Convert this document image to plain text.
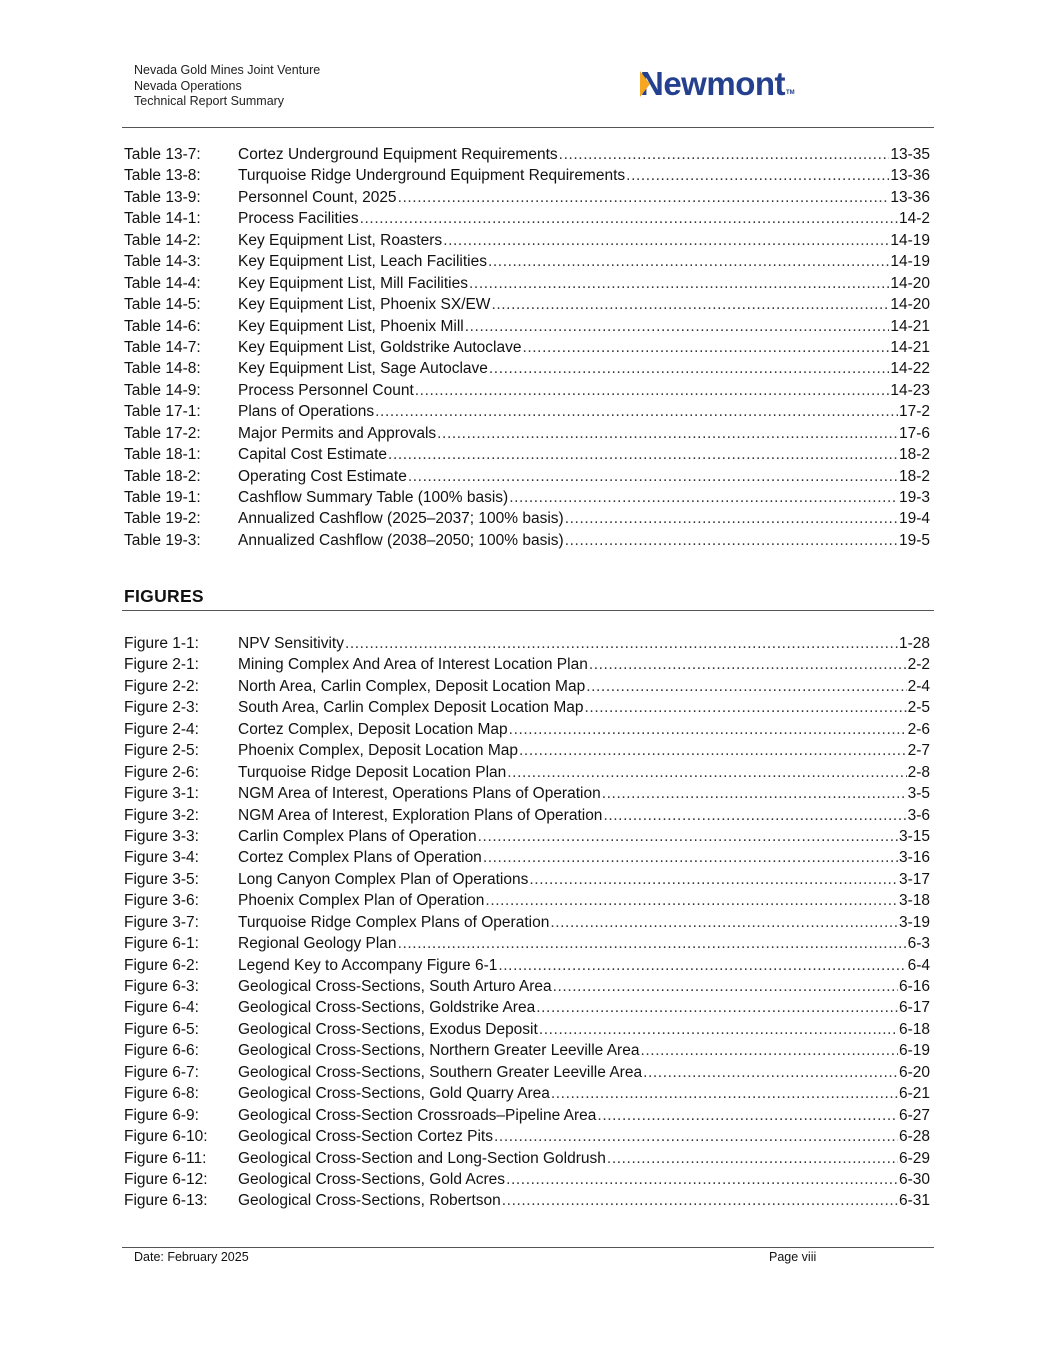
Nevada Gold Mines Joint Venture
Nevada Operations
Technical Report Summary	Newmont TM
Table 13-7:	Cortez Underground Equipment Requirements .....	13-35
Table 13-8:	Turquoise Ridge Underground Equipment Requirements .....	13-36
Table 13-9:	Personnel Count, 2025 .....	13-36
Table 14-1:	Process Facilities .....	14-2
Table 14-2:	Key Equipment List, Roasters .....	14-19
Table 14-3:	Key Equipment List, Leach Facilities .....	14-19
Table 14-4:	Key Equipment List, Mill Facilities .....	14-20
Table 14-5:	Key Equipment List, Phoenix SX/EW .....	14-20
Table 14-6:	Key Equipment List, Phoenix Mill .....	14-21
Table 14-7:	Key Equipment List, Goldstrike Autoclave .....	14-21
Table 14-8:	Key Equipment List, Sage Autoclave .....	14-22
Table 14-9:	Process Personnel Count .....	14-23
Table 17-1:	Plans of Operations .....	17-2
Table 17-2:	Major Permits and Approvals .....	17-6
Table 18-1:	Capital Cost Estimate .....	18-2
Table 18-2:	Operating Cost Estimate .....	18-2
Table 19-1:	Cashflow Summary Table (100% basis) .....	19-3
Table 19-2:	Annualized Cashflow (2025–2037; 100% basis) .....	19-4
Table 19-3:	Annualized Cashflow (2038–2050; 100% basis) .....	19-5
FIGURES
Figure 1-1:	NPV Sensitivity .....	1-28
Figure 2-1:	Mining Complex And Area of Interest Location Plan .....	2-2
Figure 2-2:	North Area, Carlin Complex, Deposit Location Map .....	2-4
Figure 2-3:	South Area, Carlin Complex Deposit Location Map .....	2-5
Figure 2-4:	Cortez Complex, Deposit Location Map .....	2-6
Figure 2-5:	Phoenix Complex, Deposit Location Map .....	2-7
Figure 2-6:	Turquoise Ridge Deposit Location Plan .....	2-8
Figure 3-1:	NGM Area of Interest, Operations Plans of Operation .....	3-5
Figure 3-2:	NGM Area of Interest, Exploration Plans of Operation .....	3-6
Figure 3-3:	Carlin Complex Plans of Operation .....	3-15
Figure 3-4:	Cortez Complex Plans of Operation .....	3-16
Figure 3-5:	Long Canyon Complex Plan of Operations .....	3-17
Figure 3-6:	Phoenix Complex Plan of Operation .....	3-18
Figure 3-7:	Turquoise Ridge Complex Plans of Operation .....	3-19
Figure 6-1:	Regional Geology Plan .....	6-3
Figure 6-2:	Legend Key to Accompany Figure 6-1 .....	6-4
Figure 6-3:	Geological Cross-Sections, South Arturo Area .....	6-16
Figure 6-4:	Geological Cross-Sections, Goldstrike Area .....	6-17
Figure 6-5:	Geological Cross-Sections, Exodus Deposit .....	6-18
Figure 6-6:	Geological Cross-Sections, Northern Greater Leeville Area .....	6-19
Figure 6-7:	Geological Cross-Sections, Southern Greater Leeville Area .....	6-20
Figure 6-8:	Geological Cross-Sections, Gold Quarry Area .....	6-21
Figure 6-9:	Geological Cross-Section Crossroads–Pipeline Area .....	6-27
Figure 6-10:	Geological Cross-Section Cortez Pits .....	6-28
Figure 6-11:	Geological Cross-Section and Long-Section Goldrush .....	6-29
Figure 6-12:	Geological Cross-Sections, Gold Acres .....	6-30
Figure 6-13:	Geological Cross-Sections, Robertson .....	6-31
Date: February 2025	Page viii
